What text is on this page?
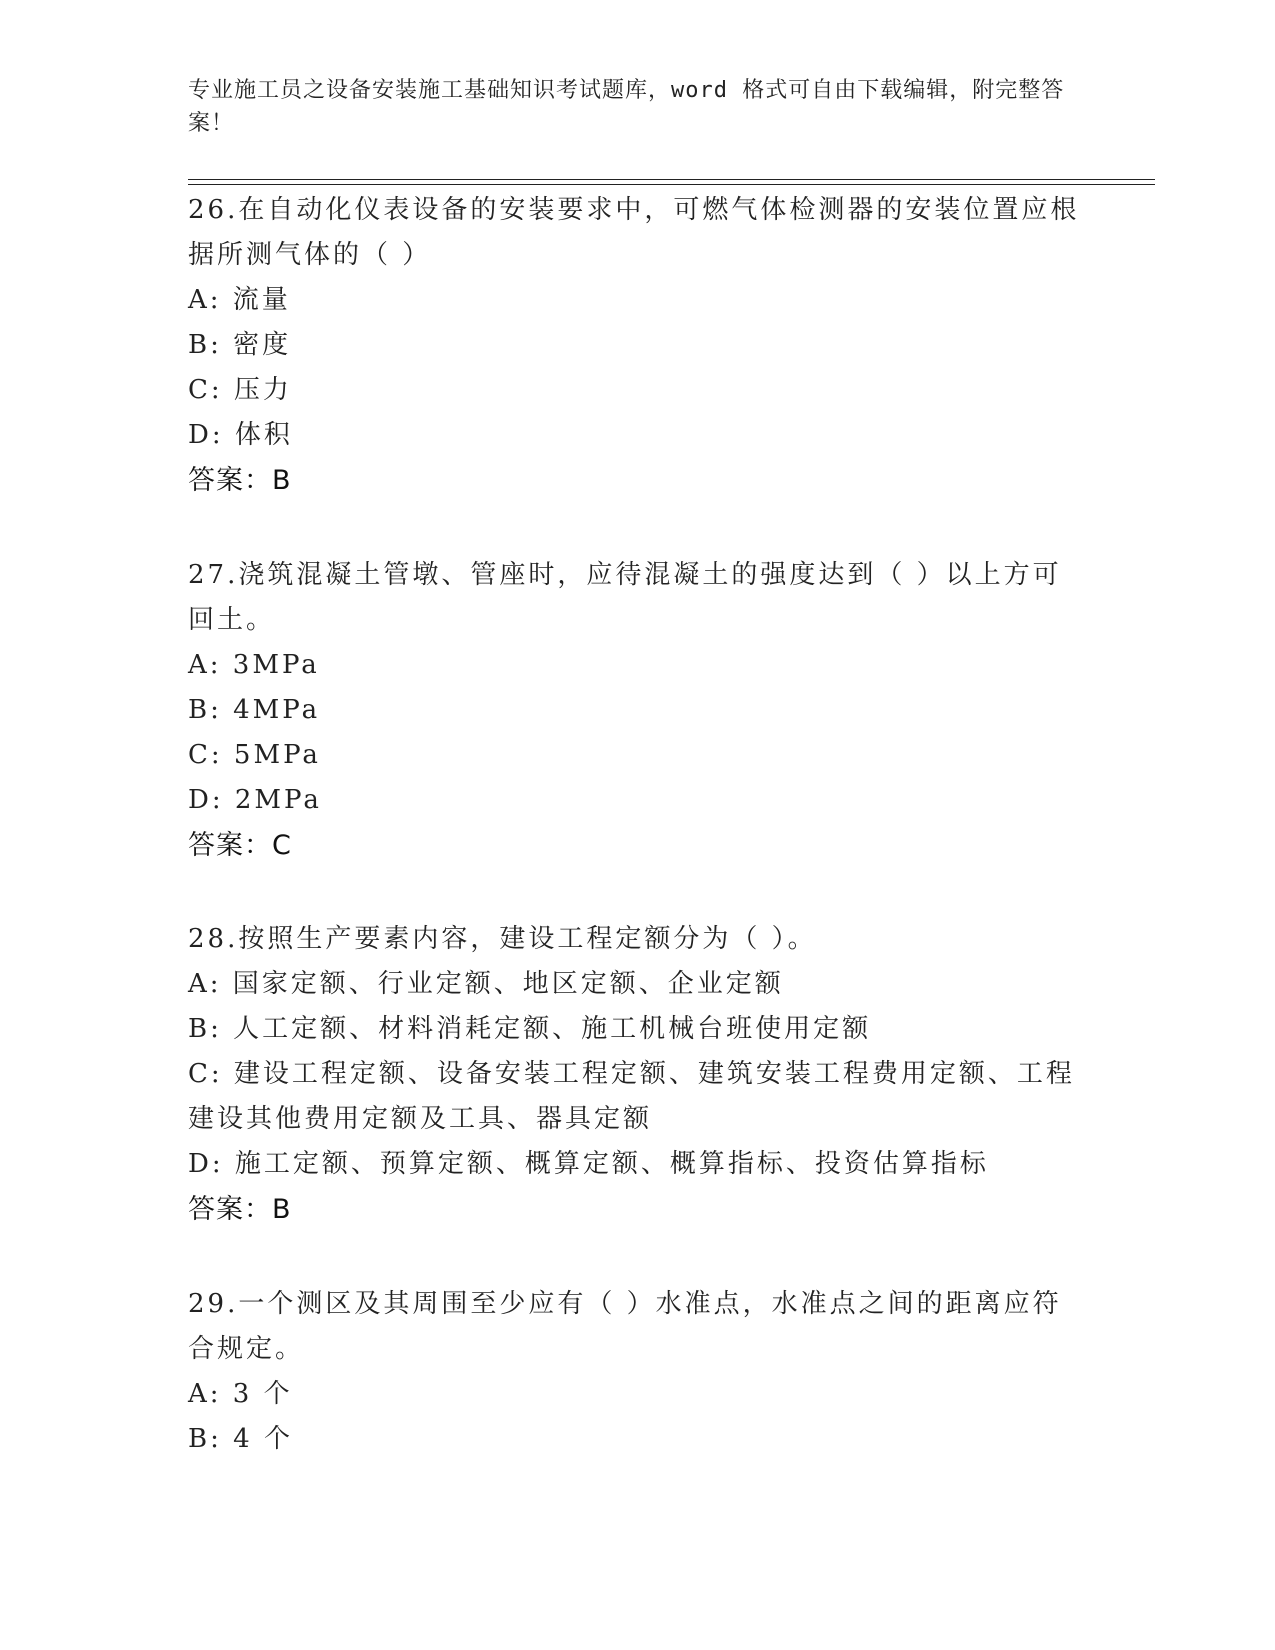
专业施工员之设备安装施工基础知识考试题库，word 格式可自由下载编辑，附完整答案！

26.在自动化仪表设备的安装要求中，可燃气体检测器的安装位置应根据所测气体的（ ）

A: 流量

B: 密度

C: 压力

D: 体积

答案：B

27.浇筑混凝土管墩、管座时，应待混凝土的强度达到（ ）以上方可回土。

A: 3MPa

B: 4MPa

C: 5MPa

D: 2MPa

答案：C

28.按照生产要素内容，建设工程定额分为（ ）。

A: 国家定额、行业定额、地区定额、企业定额

B: 人工定额、材料消耗定额、施工机械台班使用定额

C: 建设工程定额、设备安装工程定额、建筑安装工程费用定额、工程建设其他费用定额及工具、器具定额

D: 施工定额、预算定额、概算定额、概算指标、投资估算指标

答案：B

29.一个测区及其周围至少应有（ ）水准点，水准点之间的距离应符合规定。

A: 3 个

B: 4 个
